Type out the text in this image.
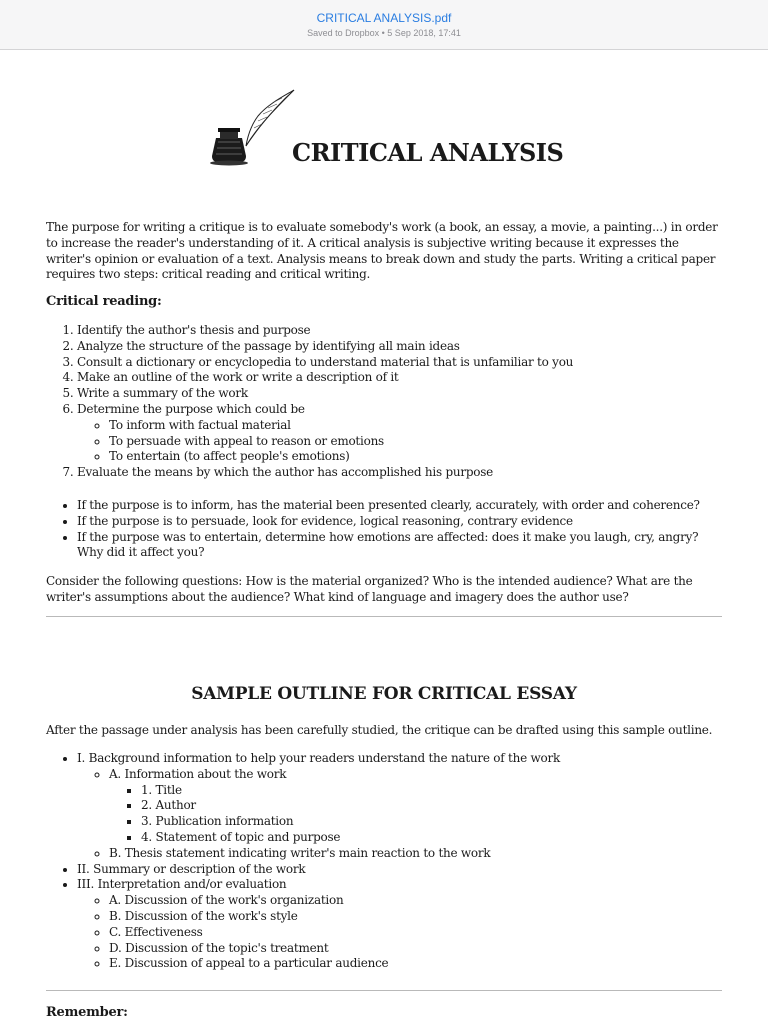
CRITICAL ANALYSIS.pdf
Saved to Dropbox • 5 Sep 2018, 17:41
CRITICAL ANALYSIS

The purpose for writing a critique is to evaluate somebody's work (a book, an essay, a movie, a painting...) in order to increase the reader's understanding of it. A critical analysis is subjective writing because it expresses the writer's opinion or evaluation of a text. Analysis means to break down and study the parts. Writing a critical paper requires two steps: critical reading and critical writing.

Critical reading:
1. Identify the author's thesis and purpose
2. Analyze the structure of the passage by identifying all main ideas
3. Consult a dictionary or encyclopedia to understand material that is unfamiliar to you
4. Make an outline of the work or write a description of it
5. Write a summary of the work
6. Determine the purpose which could be
◦ To inform with factual material
◦ To persuade with appeal to reason or emotions
◦ To entertain (to affect people's emotions)
7. Evaluate the means by which the author has accomplished his purpose
• If the purpose is to inform, has the material been presented clearly, accurately, with order and coherence?
• If the purpose is to persuade, look for evidence, logical reasoning, contrary evidence
• If the purpose was to entertain, determine how emotions are affected: does it make you laugh, cry, angry? Why did it affect you?

Consider the following questions: How is the material organized? Who is the intended audience? What are the writer's assumptions about the audience? What kind of language and imagery does the author use?

SAMPLE OUTLINE FOR CRITICAL ESSAY

After the passage under analysis has been carefully studied, the critique can be drafted using this sample outline.

• I. Background information to help your readers understand the nature of the work
◦ A. Information about the work
▪ 1. Title
▪ 2. Author
▪ 3. Publication information
▪ 4. Statement of topic and purpose
◦ B. Thesis statement indicating writer's main reaction to the work
• II. Summary or description of the work
• III. Interpretation and/or evaluation
◦ A. Discussion of the work's organization
◦ B. Discussion of the work's style
◦ C. Effectiveness
◦ D. Discussion of the topic's treatment
◦ E. Discussion of appeal to a particular audience
Remember:
